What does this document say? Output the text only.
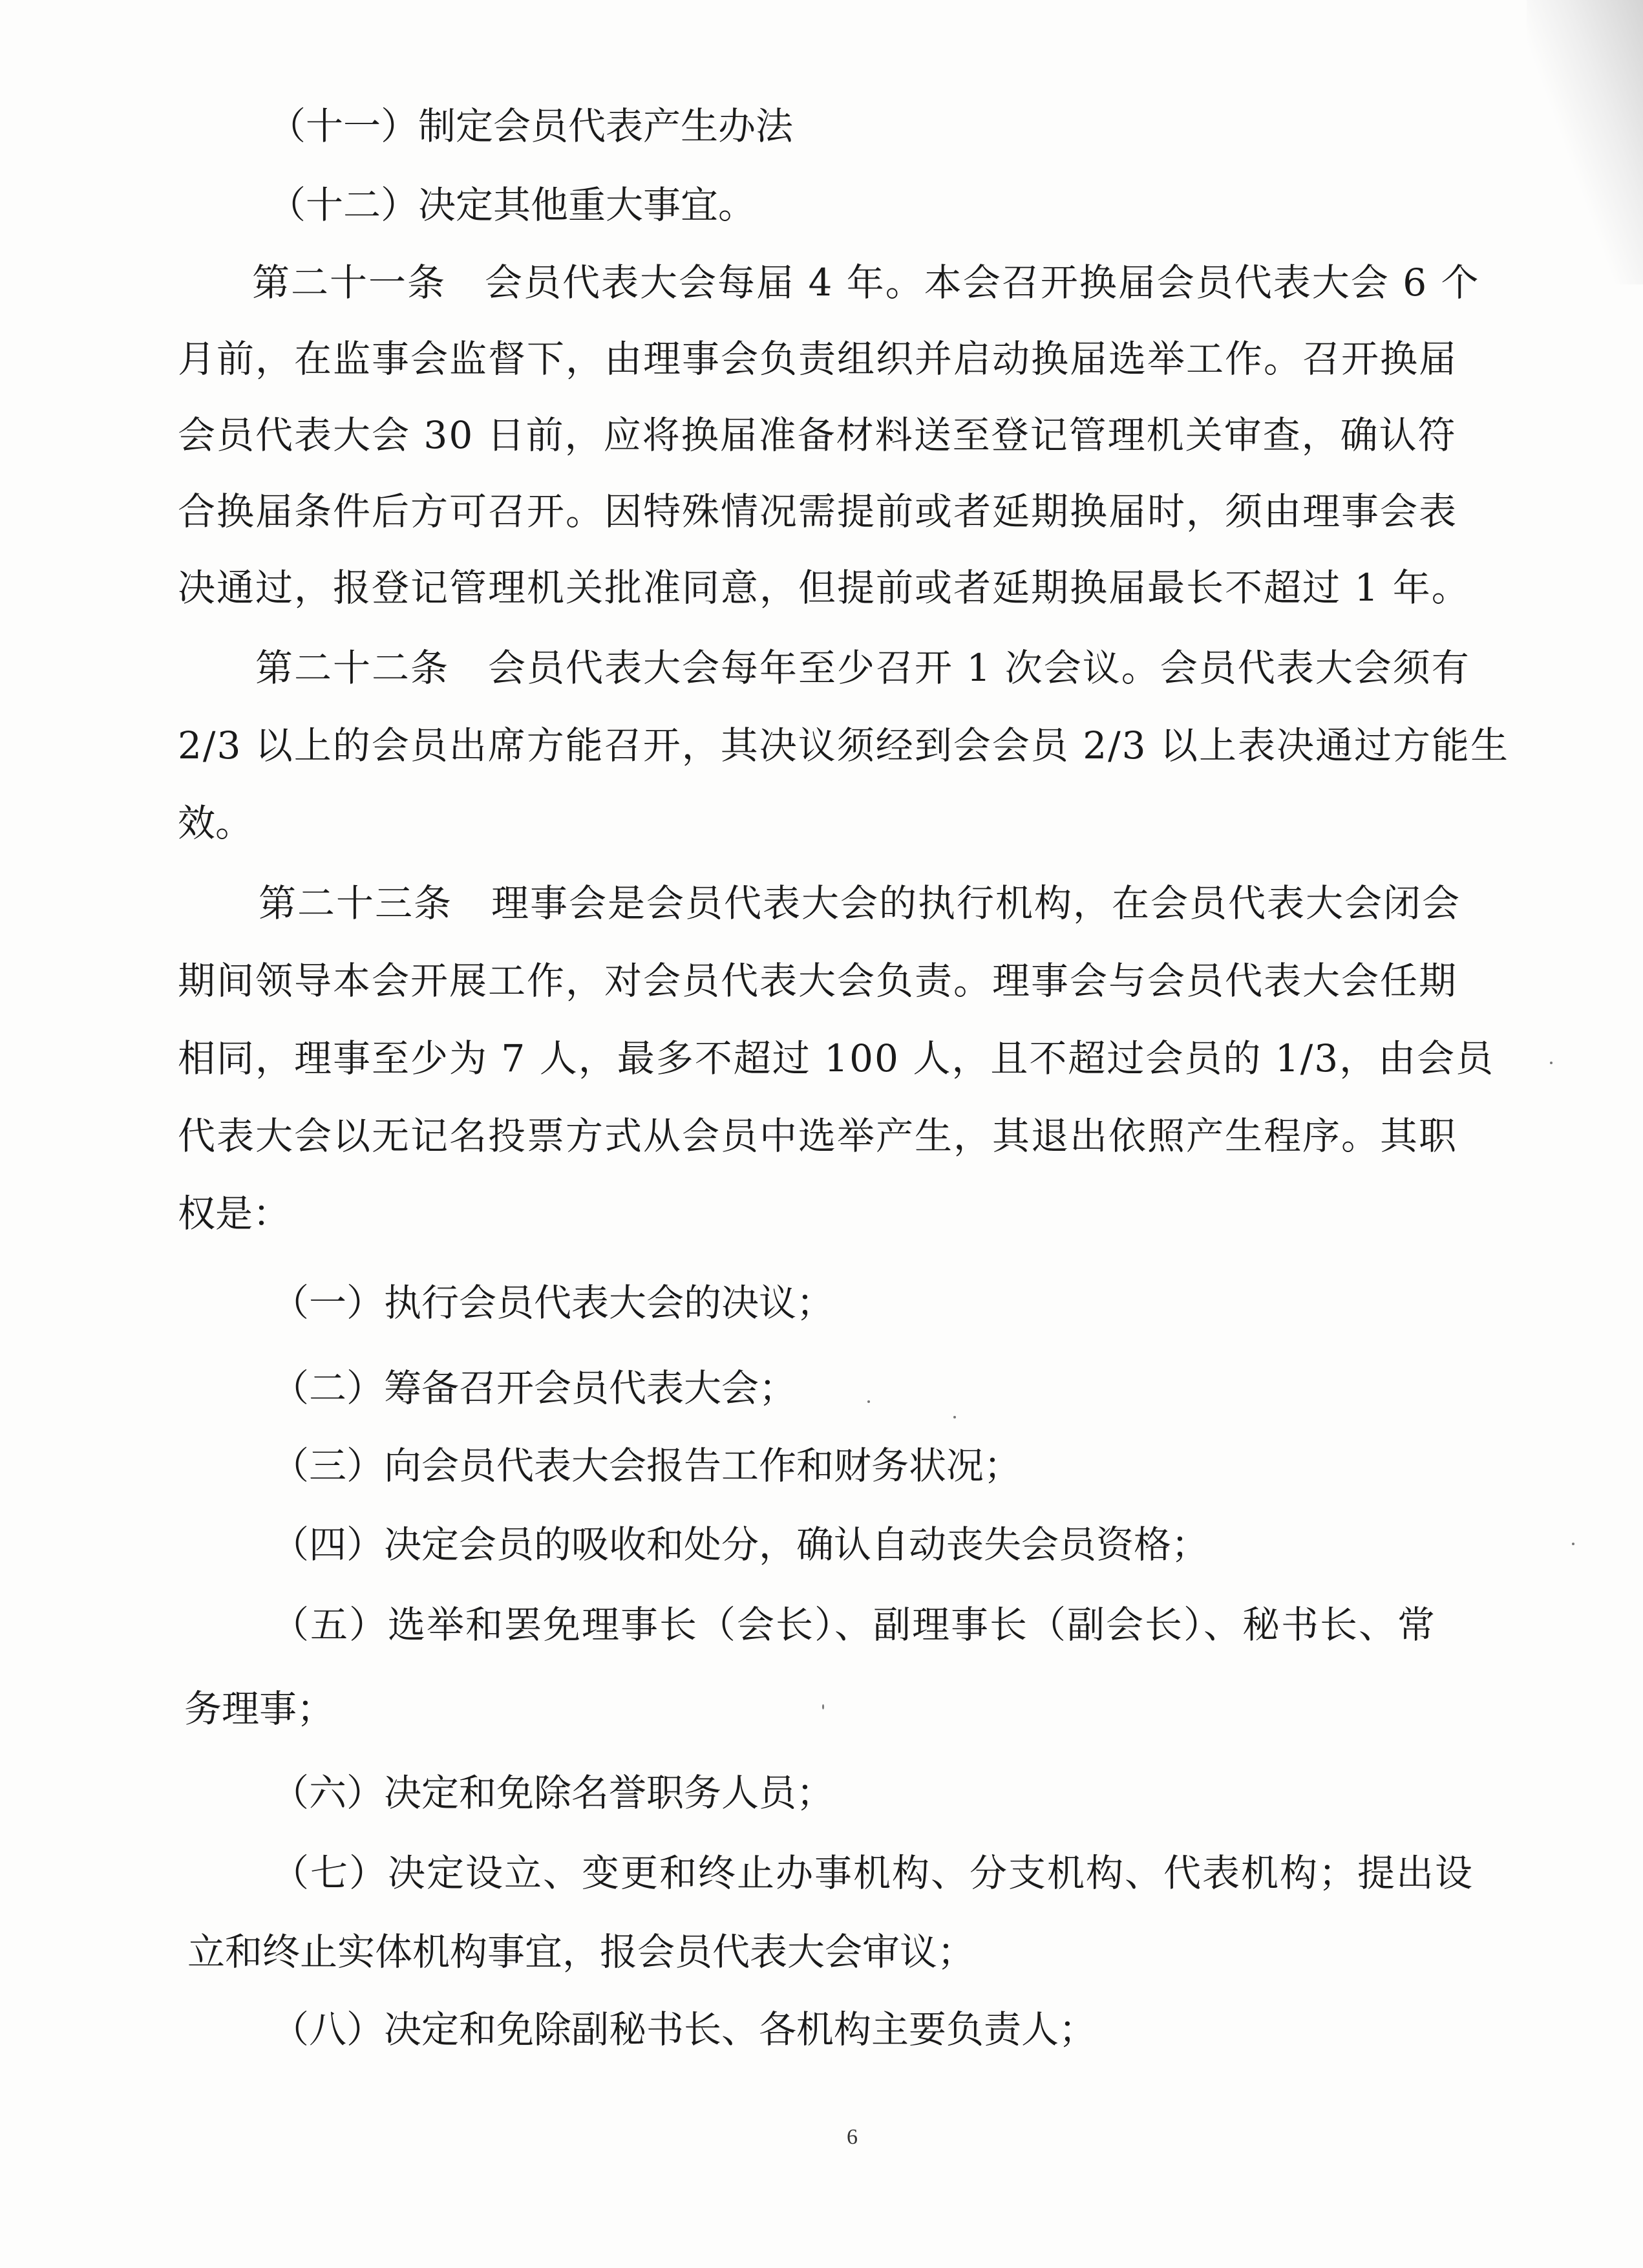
（十一）制定会员代表产生办法

（十二）决定其他重大事宜。

第二十一条　会员代表大会每届 4 年。本会召开换届会员代表大会 6 个

月前，在监事会监督下，由理事会负责组织并启动换届选举工作。召开换届

会员代表大会 30 日前，应将换届准备材料送至登记管理机关审查，确认符

合换届条件后方可召开。因特殊情况需提前或者延期换届时，须由理事会表

决通过，报登记管理机关批准同意，但提前或者延期换届最长不超过 1 年。

第二十二条　会员代表大会每年至少召开 1 次会议。会员代表大会须有

2/3 以上的会员出席方能召开，其决议须经到会会员 2/3 以上表决通过方能生

效。

第二十三条　理事会是会员代表大会的执行机构，在会员代表大会闭会

期间领导本会开展工作，对会员代表大会负责。理事会与会员代表大会任期

相同，理事至少为 7 人，最多不超过 100 人，且不超过会员的 1/3，由会员

代表大会以无记名投票方式从会员中选举产生，其退出依照产生程序。其职

权是：

（一）执行会员代表大会的决议；

（二）筹备召开会员代表大会；

（三）向会员代表大会报告工作和财务状况；

（四）决定会员的吸收和处分，确认自动丧失会员资格；

（五）选举和罢免理事长（会长）、副理事长（副会长）、秘书长、常

务理事；

（六）决定和免除名誉职务人员；

（七）决定设立、变更和终止办事机构、分支机构、代表机构；提出设

立和终止实体机构事宜，报会员代表大会审议；

（八）决定和免除副秘书长、各机构主要负责人；

6
